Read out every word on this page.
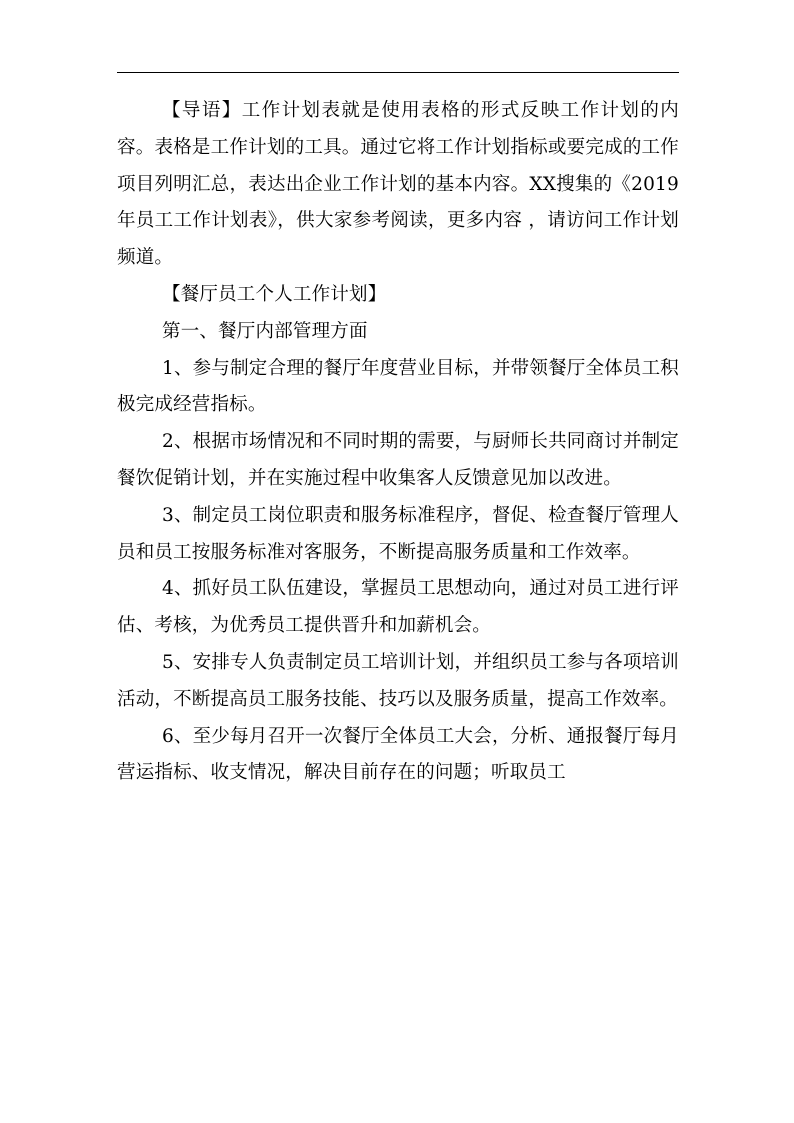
【导语】工作计划表就是使用表格的形式反映工作计划的内容。表格是工作计划的工具。通过它将工作计划指标或要完成的工作项目列明汇总，表达出企业工作计划的基本内容。XX搜集的《2019年员工工作计划表》，供大家参考阅读，更多内容 ，请访问工作计划频道。

【餐厅员工个人工作计划】

第一、餐厅内部管理方面

1、参与制定合理的餐厅年度营业目标，并带领餐厅全体员工积极完成经营指标。

2、根据市场情况和不同时期的需要，与厨师长共同商讨并制定餐饮促销计划，并在实施过程中收集客人反馈意见加以改进。

3、制定员工岗位职责和服务标准程序，督促、检查餐厅管理人员和员工按服务标准对客服务，不断提高服务质量和工作效率。

4、抓好员工队伍建设，掌握员工思想动向，通过对员工进行评估、考核，为优秀员工提供晋升和加薪机会。

5、安排专人负责制定员工培训计划，并组织员工参与各项培训活动，不断提高员工服务技能、技巧以及服务质量，提高工作效率。

6、至少每月召开一次餐厅全体员工大会，分析、通报餐厅每月营运指标、收支情况，解决目前存在的问题；听取员工
